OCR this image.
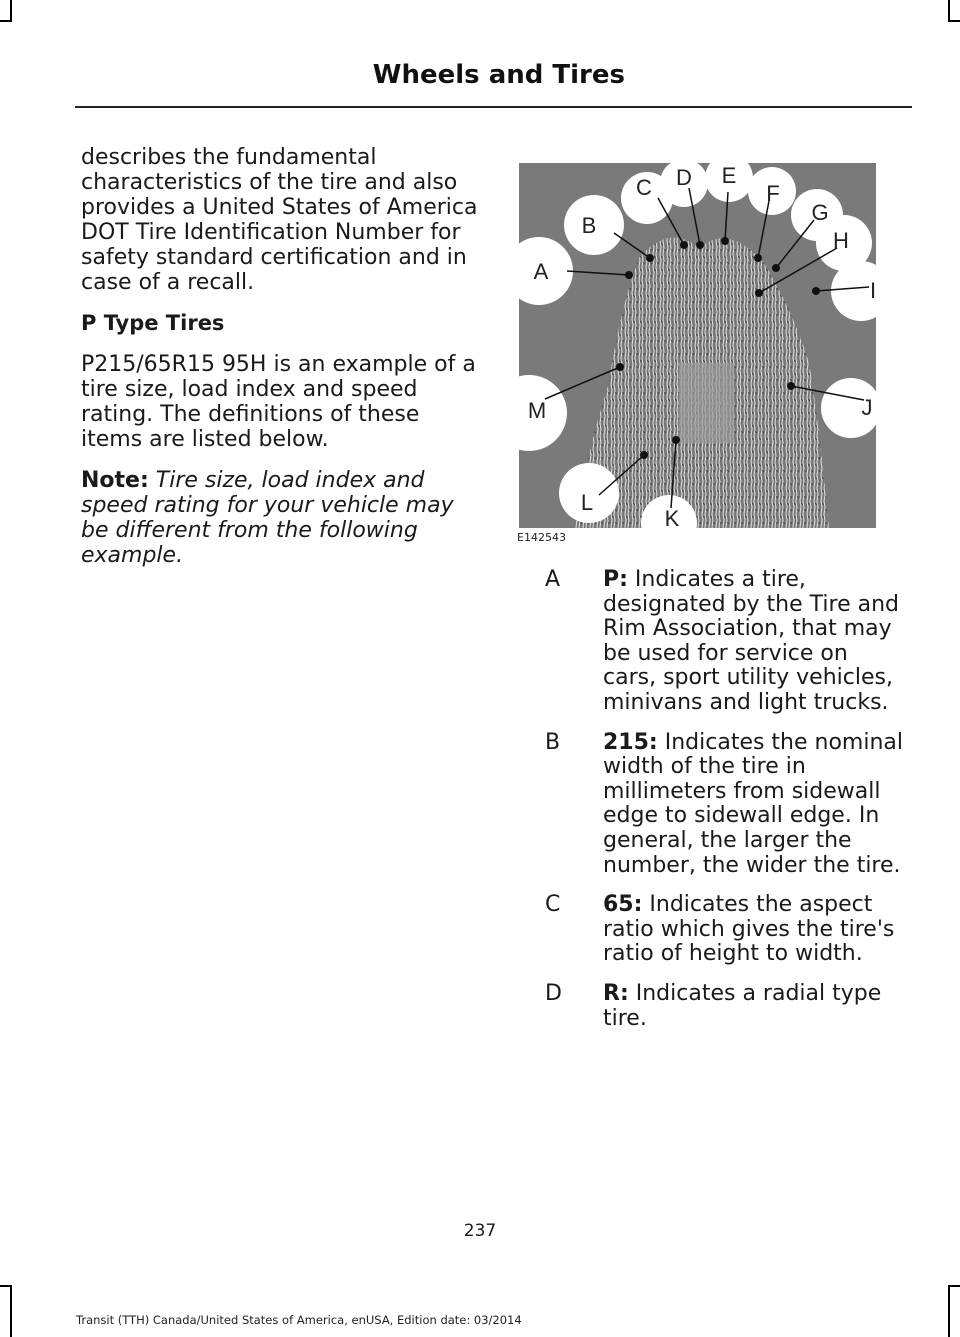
Wheels and Tires

describes the fundamental characteristics of the tire and also provides a United States of America DOT Tire Identification Number for safety standard certification and in case of a recall.

P Type Tires

P215/65R15 95H is an example of a tire size, load index and speed rating. The definitions of these items are listed below.

Note: Tire size, load index and speed rating for your vehicle may be different from the following example.

A
B
C D E
F
G
H
I
J
K
L
M
E142543
A	P: Indicates a tire, designated by the Tire and Rim Association, that may be used for service on cars, sport utility vehicles, minivans and light trucks.
B	215: Indicates the nominal width of the tire in millimeters from sidewall edge to sidewall edge. In general, the larger the number, the wider the tire.
C	65: Indicates the aspect ratio which gives the tire's ratio of height to width.
D	R: Indicates a radial type tire.
237
Transit (TTH) Canada/United States of America, enUSA, Edition date: 03/2014
